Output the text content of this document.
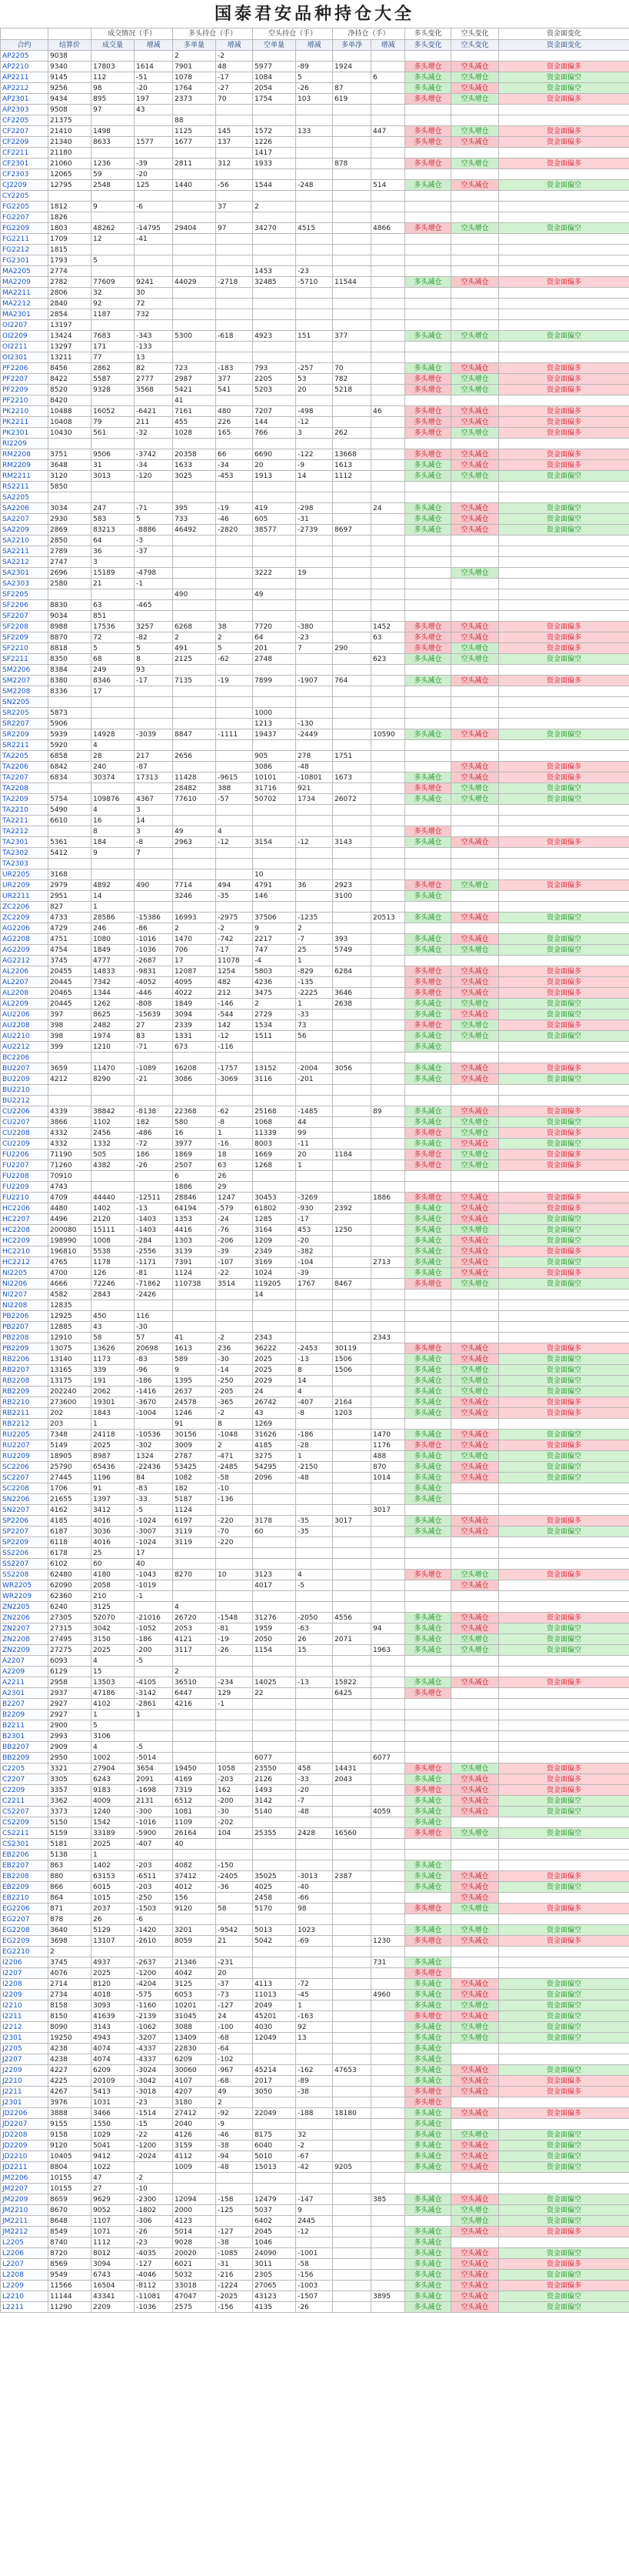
国泰君安品种持仓大全
		成交情况（手）		多头持仓（手）		空头持仓（手）		净持仓（手）		多头变化	空头变化	资金面变化
合约	结算价	成交量	增减	多单量	增减	空单量	增减	多单净	增减	多头变化	空头变化	资金面变化
AP2205	9038			2	-2							
AP2210	9340	17803	1614	7901	48	5977	-89	1924		多头增仓	空头减仓	资金面偏多
AP2211	9145	112	-51	1078	-17	1084	5		6	多头减仓	空头增仓	资金面偏空
AP2212	9256	98	-20	1764	-27	2054	-26	87		多头减仓	空头减仓	资金面偏空
AP2301	9434	895	197	2373	70	1754	103	619		多头增仓	空头增仓	资金面偏多
AP2303	9508	97	43									
CF2205	21375			88								
CF2207	21410	1498		1125	145	1572	133		447	多头增仓	空头增仓	资金面偏多
CF2209	21340	8633	1577	1677	137	1226				多头增仓	空头减仓	资金面偏多
CF2211	21180					1417						
CF2301	21060	1236	-39	2811	312	1933		878		多头增仓	空头增仓	资金面偏多
CF2303	12065	59	-20									
CJ2209	12795	2548	125	1440	-56	1544	-248		514	多头减仓	空头减仓	资金面偏空
CY2205												
FG2205	1812	9	-6		37	2						
FG2207	1826											
FG2209	1803	48262	-14795	29404	97	34270	4515		4866	多头增仓	空头增仓	资金面偏空
FG2211	1709	12	-41									
FG2212	1815											
FG2301	1793	5										
MA2205	2774					1453	-23					
MA2209	2782	77609	9241	44029	-2718	32485	-5710	11544		多头减仓	空头减仓	资金面偏多
MA2211	2806	32	30									
MA2212	2840	92	72									
MA2301	2854	1187	732									
OI2207	13197											
OI2209	13424	7683	-343	5300	-618	4923	151	377		多头减仓	空头增仓	资金面偏空
OI2211	13297	171	-133									
OI2301	13211	77	13									
PF2206	8456	2862	82	723	-183	793	-257	70		多头减仓	空头减仓	资金面偏多
PF2207	8422	5587	2777	2987	377	2205	53	782		多头增仓	空头增仓	资金面偏多
PF2209	8520	9328	3568	5421	541	5203	20	5218		多头增仓	空头增仓	资金面偏多
PF2210	8420			41								
PK2210	10488	16052	-6421	7161	480	7207	-498		46	多头增仓	空头减仓	资金面偏多
PK2211	10408	79	211	455	226	144	-12			多头增仓	空头减仓	资金面偏多
PK2301	10430	561	-32	1028	165	766	3	262		多头增仓	空头增仓	资金面偏多
RI2209												
RM2208	3751	9506	-3742	20358	66	6690	-122	13668		多头增仓	空头减仓	资金面偏多
RM2209	3648	31	-34	1633	-34	20	-9	1613		多头减仓	空头减仓	资金面偏多
RM2211	3120	3013	-120	3025	-453	1913	14	1112		多头减仓	空头增仓	资金面偏空
RS2211	5850											
SA2205												
SA2206	3034	247	-71	395	-19	419	-298		24	多头减仓	空头减仓	资金面偏空
SA2207	2930	583	5	733	-46	605	-31			多头减仓	空头减仓	资金面偏空
SA2209	2869	83213	-8886	46492	-2820	38577	-2739	8697		多头减仓	空头减仓	资金面偏空
SA2210	2850	64	-3									
SA2211	2789	36	-37									
SA2212	2747	3										
SA2301	2696	15189	-4798			3222	19				空头增仓	
SA2303	2580	21	-1									
SF2205				490		49						
SF2206	8830	63	-465									
SF2207	9034	851										
SF2208	8988	17536	3257	6268	38	7720	-380		1452	多头增仓	空头减仓	资金面偏多
SF2209	8870	72	-82	2	2	64	-23		63	多头增仓	空头减仓	资金面偏多
SF2210	8818	5	5	491	5	201	7	290		多头增仓	空头增仓	资金面偏多
SF2211	8350	68	8	2125	-62	2748			623	多头减仓	空头增仓	资金面偏空
SM2206	8384	249	93									
SM2207	8380	8346	-17	7135	-19	7899	-1907	764		多头减仓	空头减仓	资金面偏多
SM2208	8336	17										
SN2205												
SR2205	5873					1000						
SR2207	5906					1213	-130					
SR2209	5939	14928	-3039	8847	-1111	19437	-2449		10590	多头减仓	空头减仓	资金面偏空
SR2211	5920	4										
TA2205	6858	28	217	2656		905	278	1751				
TA2206	6842	240	-87			3086	-48				空头减仓	资金面偏多
TA2207	6834	30374	17313	11428	-9615	10101	-10801	1673		多头减仓	空头减仓	资金面偏多
TA2208				28482	388	31716	921			多头增仓	空头增仓	资金面偏空
TA2209	5754	109876	4367	77610	-57	50702	1734	26072		多头减仓	空头增仓	资金面偏空
TA2210	5490	4	3									
TA2211	6610	16	14									
TA2212		8	3	49	4					多头增仓		
TA2301	5361	184	-8	2963	-12	3154	-12	3143		多头减仓	空头减仓	资金面偏多
TA2302	5412	9	7									
TA2303												
UR2205	3168					10						
UR2209	2979	4892	490	7714	494	4791	36	2923		多头增仓	空头增仓	资金面偏多
UR2211	2951	14		3246	-35	146		3100		多头减仓		
ZC2206	827	1										
ZC2209	4733	28586	-15386	16993	-2975	37506	-1235		20513	多头减仓	空头减仓	资金面偏空
AG2206	4729	246	-86	2	-2	9	2					
AG2208	4751	1080	-1016	1470	-742	2217	-7	393		多头减仓	空头减仓	资金面偏空
AG2209	4754	1849	-1036	706	-17	747	25	5749		多头减仓	空头增仓	资金面偏空
AG2212	3745	4777	-2687	17	11078	-4	1					
AL2206	20455	14833	-9831	12087	1254	5803	-829	6284		多头增仓	空头减仓	资金面偏多
AL2207	20445	7342	-4052	4095	482	4236	-135			多头增仓	空头减仓	资金面偏多
AL2208	20465	1344	-446	4022	212	3475	-2225	3646		多头增仓	空头减仓	资金面偏多
AL2209	20445	1262	-808	1849	-146	2	1	2638		多头减仓	空头增仓	资金面偏空
AU2206	397	8625	-15639	3094	-544	2729	-33			多头减仓	空头减仓	资金面偏空
AU2208	398	2482	27	2339	142	1534	73			多头增仓	空头增仓	资金面偏多
AU2210	398	1974	83	1331	-12	1511	56			多头减仓	空头增仓	资金面偏空
AU2212	399	1210	-71	673	-116					多头减仓		
BC2206												
BU2207	3659	11470	-1089	16208	-1757	13152	-2004	3056		多头减仓	空头减仓	资金面偏多
BU2209	4212	8290	-21	3086	-3069	3116	-201			多头减仓	空头减仓	资金面偏空
BU2210												
BU2212												
CU2206	4339	38842	-8138	22368	-62	25168	-1485		89	多头减仓	空头减仓	资金面偏多
CU2207	3866	1102	182	580	-8	1068	44			多头减仓	空头增仓	资金面偏空
CU2208	4332	2456	-486	16	1	11339	99			多头增仓	空头增仓	资金面偏多
CU2209	4332	1332	-72	3977	-16	8003	-11			多头减仓	空头减仓	资金面偏空
FU2206	71190	505	186	1869	18	1669	20	1184		多头增仓	空头增仓	资金面偏多
FU2207	71260	4382	-26	2507	63	1268	1			多头增仓	空头增仓	资金面偏多
FU2208	70910			6	26							
FU2209	4743			1886	29							
FU2210	4709	44440	-12511	28846	1247	30453	-3269		1886	多头增仓	空头减仓	资金面偏多
HC2206	4480	1402	-13	64194	-579	61802	-930	2392		多头减仓	空头减仓	资金面偏多
HC2207	4496	2120	-1403	1353	-24	1285	-17			多头减仓	空头减仓	资金面偏空
HC2208	200080	15111	-1403	4416	-76	3164	453	1250		多头减仓	空头增仓	资金面偏空
HC2209	198990	1008	-284	1303	-206	1209	-20			多头减仓	空头减仓	资金面偏空
HC2210	196810	5538	-2556	3139	-39	2349	-382			多头减仓	空头减仓	资金面偏多
HC2212	4765	1178	-1171	7391	-107	3169	-104		2713	多头减仓	空头减仓	资金面偏空
NI2205	4700	126	-81	1124	-22	1024	-39			多头减仓	空头减仓	资金面偏多
NI2206	4666	72246	-71862	110738	3514	119205	1767	8467		多头增仓	空头增仓	资金面偏空
NI2207	4582	2843	-2426			14						
NI2208	12835											
PB2206	12925	450	116									
PB2207	12885	43	-30									
PB2208	12910	58	57	41	-2	2343			2343			
PB2209	13075	13626	20698	1613	236	36222	-2453	30119		多头增仓	空头减仓	资金面偏多
RB2206	13140	1173	-83	589	-30	2025	-13	1506		多头减仓	空头减仓	资金面偏空
RB2207	13165	339	-96	9	-14	2025	8	1506		多头减仓	空头增仓	资金面偏空
RB2208	13175	191	-186	1395	-250	2029	14			多头减仓	空头增仓	资金面偏空
RB2209	202240	2062	-1416	2637	-205	24	4			多头减仓	空头增仓	资金面偏空
RB2210	273600	19301	-3670	24578	-365	26742	-407	2164		多头减仓	空头减仓	资金面偏多
RB2211	202	1843	-1004	1246	-2	43	-8	1203		多头减仓	空头减仓	资金面偏多
RB2212	203	1		91	8	1269						
RU2205	7348	24118	-10536	30156	-1048	31626	-186		1470	多头减仓	空头减仓	资金面偏空
RU2207	5149	2025	-302	3009	2	4185	-28		1176	多头增仓	空头减仓	资金面偏多
RU2209	18905	8987	1324	2787	-471	3275	1		488	多头减仓	空头增仓	资金面偏空
SC2206	25790	65436	-22436	53425	-2485	54295	-2150		870	多头减仓	空头减仓	资金面偏空
SC2207	27445	1196	84	1082	-58	2096	-48		1014	多头减仓	空头减仓	资金面偏空
SC2208	1706	91	-83	182	-10					多头减仓		
SN2206	21655	1397	-33	5187	-136					多头减仓		
SN2207	4162	3412	-5	1124					3017			
SP2206	4185	4016	-1024	6197	-220	3178	-35	3017		多头减仓	空头减仓	资金面偏多
SP2207	6187	3036	-3007	3119	-70	60	-35			多头减仓	空头减仓	资金面偏空
SP2209	6118	4016	-1024	3119	-220							
SS2206	6178	25	17									
SS2207	6102	60	40									
SS2208	62480	4180	-1043	8270	10	3123	4			多头增仓	空头增仓	资金面偏多
WR2205	62090	2058	-1019			4017	-5				空头减仓	
WR2209	62360	210	-1									
ZN2205	6240	3125		4								
ZN2206	27305	52070	-21016	26720	-1548	31276	-2050	4556		多头减仓	空头减仓	资金面偏多
ZN2207	27315	3042	-1052	2053	-81	1959	-63		94	多头减仓	空头减仓	资金面偏空
ZN2208	27495	3150	-186	4121	-19	2050	26	2071		多头减仓	空头增仓	资金面偏空
ZN2209	27275	2025	-200	3117	-26	1154	15		1963	多头减仓	空头增仓	资金面偏空
A2207	6093	4	-5									
A2209	6129	15		2								
A2211	2958	13503	-4105	36510	-234	14025	-13	15822		多头减仓	空头减仓	资金面偏多
A2301	2937	47186	-3142	6447	129	22		6425		多头增仓		
B2207	2927	4102	-2861	4216	-1							
B2209	2927	1	1									
B2211	2900	5										
B2301	2993	3106										
BB2207	2909	4	-5									
BB2209	2950	1002	-5014			6077			6077			
C2205	3321	27904	3654	19450	1058	23550	458	14431		多头增仓	空头增仓	资金面偏多
C2207	3305	6243	2091	4169	-203	2126	-33	2043		多头减仓	空头减仓	资金面偏多
C2209	3357	9183	-1698	7319	162	1493	-20			多头增仓	空头减仓	资金面偏多
C2211	3362	4009	2131	6512	-200	3142	-7			多头减仓	空头减仓	资金面偏空
CS2207	3373	1240	-300	1081	-30	5140	-48		4059	多头减仓	空头减仓	资金面偏空
CS2209	5150	1542	-1016	1109	-202					多头减仓		
CS2211	5159	33189	-5900	26164	104	25355	2428	16560		多头增仓	空头增仓	资金面偏空
CS2301	5181	2025	-407	40								
EB2206	5138	1										
EB2207	863	1402	-203	4082	-150					多头减仓		
EB2208	880	63153	-6511	37412	-2405	35025	-3013	2387		多头减仓	空头减仓	资金面偏多
EB2209	866	6015	-203	4012	-36	4025	-40			多头减仓	空头减仓	资金面偏空
EB2210	864	1015	-250	156		2458	-66				空头减仓	
EG2206	871	2037	-1503	9120	58	5170	98			多头增仓	空头增仓	资金面偏多
EG2207	878	26	-6									
EG2208	3640	5129	-1420	3201	-9542	5013	1023			多头减仓	空头增仓	资金面偏空
EG2209	3698	13107	-2610	8059	21	5042	-69		1230	多头增仓	空头减仓	资金面偏多
EG2210	2											
I2206	3745	4937	-2637	21346	-231				731	多头减仓		
I2207	4076	2025	-1200	4042	20					多头增仓		
I2208	2714	8120	-4204	3125	-37	4113	-72			多头减仓	空头减仓	资金面偏空
I2209	2734	4018	-575	6053	-73	11013	-45		4960	多头减仓	空头减仓	资金面偏空
I2210	8158	3093	-1160	10201	-127	2049	1			多头减仓	空头增仓	资金面偏空
I2211	8150	41639	-2139	31045	24	45201	-163			多头增仓	空头减仓	资金面偏空
I2212	8090	3143	-1062	3088	-100	4030	92			多头减仓	空头增仓	资金面偏空
I2301	19250	4943	-3207	13409	-68	12049	13			多头减仓	空头增仓	资金面偏空
J2205	4238	4074	-4337	22830	-64					多头减仓		
J2207	4238	4074	-4337	6209	-102					多头减仓		
J2209	4227	6209	-3024	30060	-967	45214	-162	47653		多头减仓	空头减仓	资金面偏空
J2210	4225	20109	-3042	4107	-68	2017	-89			多头减仓	空头减仓	资金面偏多
J2211	4267	5413	-3018	4207	49	3050	-38			多头增仓	空头减仓	资金面偏多
J2301	3976	1031	-23	3180	2					多头增仓		
JD2206	3888	3466	-1514	27412	-92	22049	-188	18180		多头减仓	空头减仓	资金面偏多
JD2207	9155	1550	-15	2040	-9					多头减仓		
JD2208	9158	1029	-22	4126	-46	8175	32			多头减仓	空头增仓	资金面偏空
JD2209	9120	5041	-1200	3159	-38	6040	-2			多头减仓	空头减仓	资金面偏空
JD2210	10405	9412	-2024	4112	-94	5010	-67			多头减仓	空头减仓	资金面偏空
JD2211	8804	1022		1009	-48	15013	-42	9205		多头减仓	空头减仓	资金面偏空
JM2206	10155	47	-2									
JM2207	10155	27	-10									
JM2209	8659	9629	-2300	12094	-158	12479	-147		385	多头减仓	空头减仓	资金面偏空
JM2210	8670	9052	-1802	2000	-125	5037	9			多头减仓	空头增仓	资金面偏空
JM2211	8648	1107	-306	4123		6402	2445				空头增仓	资金面偏空
JM2212	8549	1071	-26	5014	-127	2045	-12			多头减仓	空头减仓	资金面偏多
L2205	8740	1112	-23	9028	-38	1046				多头减仓		
L2206	8720	8012	-4035	20020	-1085	24090	-1001			多头减仓	空头减仓	资金面偏空
L2207	8569	3094	-127	6021	-31	3011	-58			多头减仓	空头减仓	资金面偏多
L2208	9549	6743	-4046	5032	-216	2305	-156			多头减仓	空头减仓	资金面偏空
L2209	11566	16504	-8112	33018	-1224	27065	-1003			多头减仓	空头减仓	资金面偏多
L2210	11144	43341	-11081	47047	-2025	43123	-1507		3895	多头减仓	空头减仓	资金面偏空
L2211	11290	2209	-1036	2575	-156	4135	-26			多头减仓	空头减仓	资金面偏空
